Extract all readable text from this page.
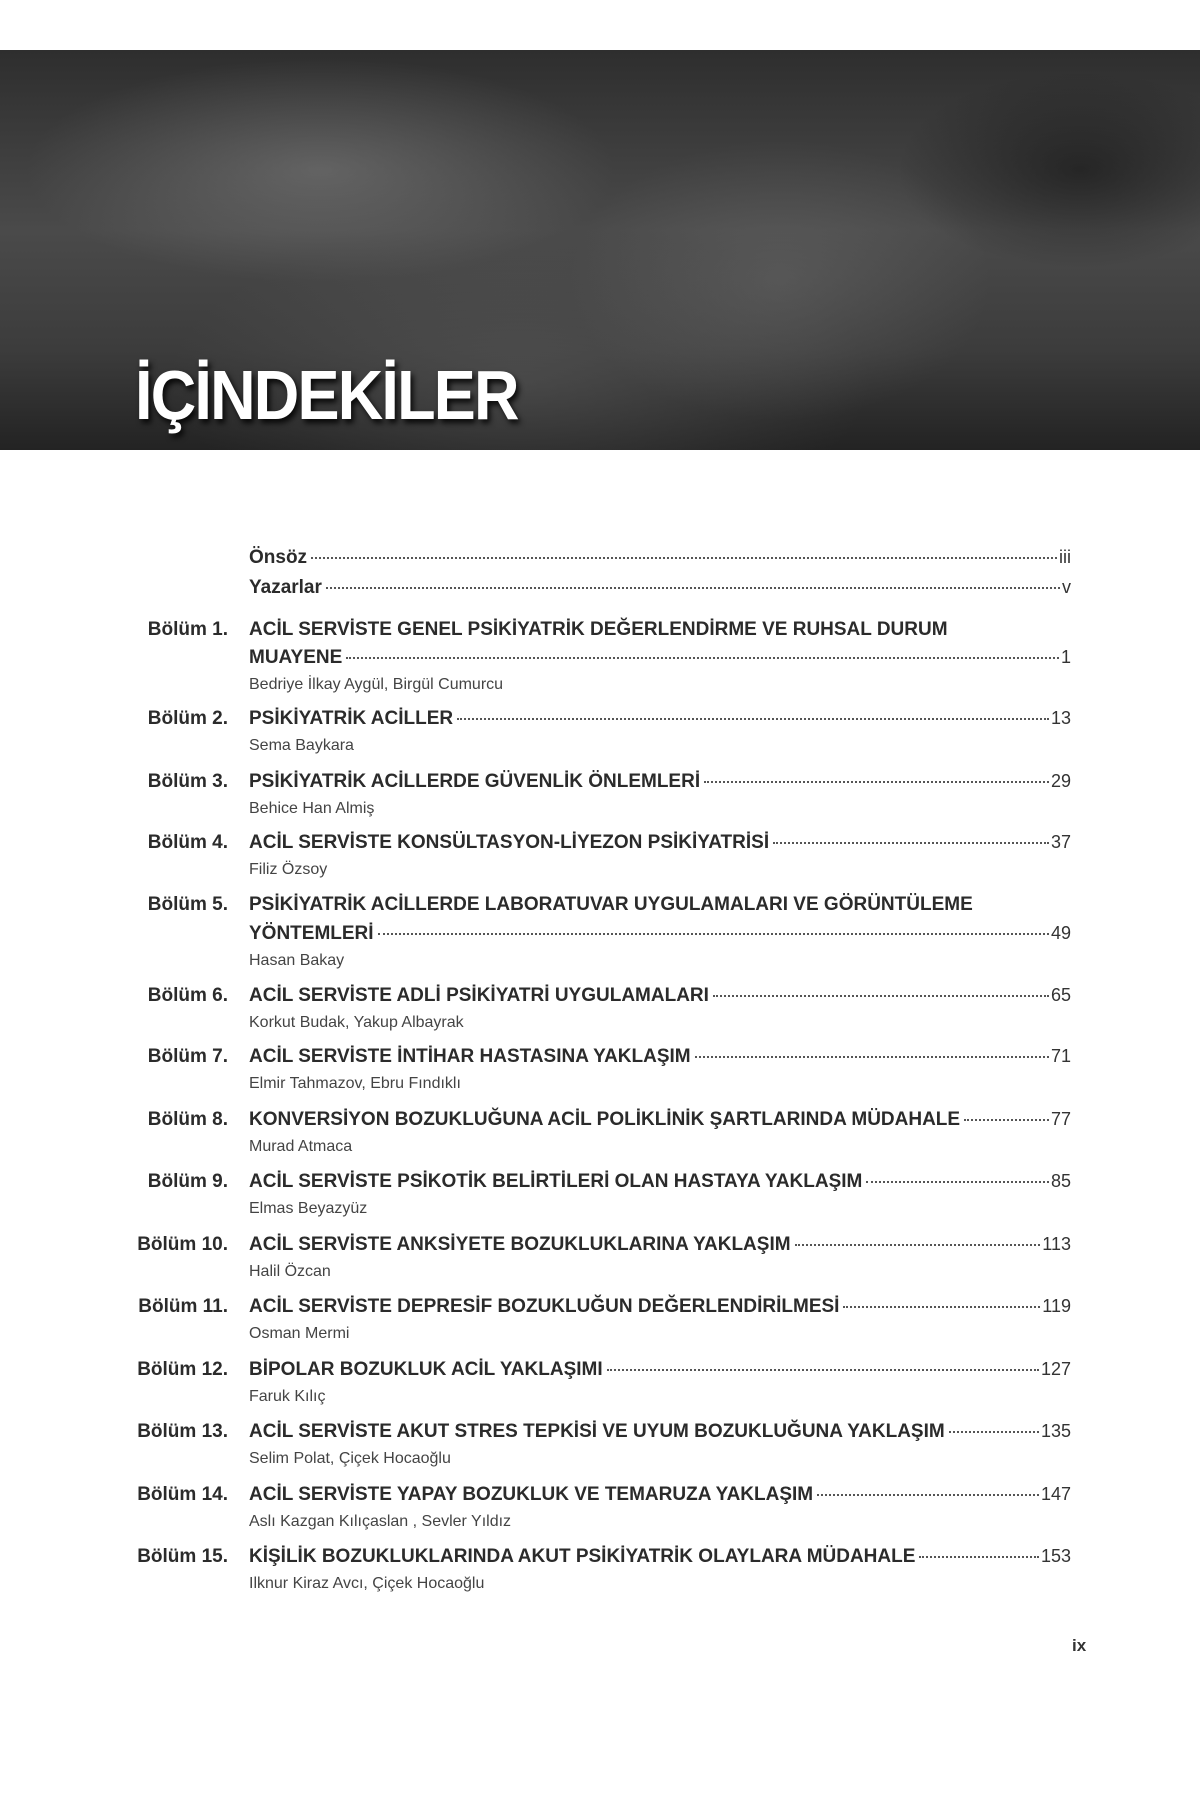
İÇİNDEKİLER
Önsöz	iii
Yazarlar	v
Bölüm 1. ACİL SERVİSTE GENEL PSİKİYATRİK DEĞERLENDİRME VE RUHSAL DURUM
MUAYENE	1
Bedriye İlkay Aygül, Birgül Cumurcu
Bölüm 2. PSİKİYATRİK ACİLLER	13
Sema Baykara
Bölüm 3. PSİKİYATRİK ACİLLERDE GÜVENLİK ÖNLEMLERİ	29
Behice Han Almiş
Bölüm 4. ACİL SERVİSTE KONSÜLTASYON-LİYEZON PSİKİYATRİSİ	37
Filiz Özsoy
Bölüm 5. PSİKİYATRİK ACİLLERDE LABORATUVAR UYGULAMALARI VE GÖRÜNTÜLEME
YÖNTEMLERİ	49
Hasan Bakay
Bölüm 6. ACİL SERVİSTE ADLİ PSİKİYATRİ UYGULAMALARI	65
Korkut Budak, Yakup Albayrak
Bölüm 7. ACİL SERVİSTE İNTİHAR HASTASINA YAKLAŞIM	71
Elmir Tahmazov, Ebru Fındıklı
Bölüm 8. KONVERSİYON BOZUKLUĞUNA ACİL POLİKLİNİK ŞARTLARINDA MÜDAHALE	77
Murad Atmaca
Bölüm 9. ACİL SERVİSTE PSİKOTİK BELİRTİLERİ OLAN HASTAYA YAKLAŞIM	85
Elmas Beyazyüz
Bölüm 10. ACİL SERVİSTE ANKSİYETE BOZUKLUKLARINA YAKLAŞIM	113
Halil Özcan
Bölüm 11. ACİL SERVİSTE DEPRESİF BOZUKLUĞUN DEĞERLENDİRİLMESİ	119
Osman Mermi
Bölüm 12. BİPOLAR BOZUKLUK ACİL YAKLAŞIMI	127
Faruk Kılıç
Bölüm 13. ACİL SERVİSTE AKUT STRES TEPKİSİ VE UYUM BOZUKLUĞUNA YAKLAŞIM	135
Selim Polat, Çiçek Hocaoğlu
Bölüm 14. ACİL SERVİSTE YAPAY BOZUKLUK VE TEMARUZA YAKLAŞIM	147
Aslı Kazgan Kılıçaslan , Sevler Yıldız
Bölüm 15. KİŞİLİK BOZUKLUKLARINDA AKUT PSİKİYATRİK OLAYLARA MÜDAHALE	153
Ilknur Kiraz Avcı, Çiçek Hocaoğlu
ix
